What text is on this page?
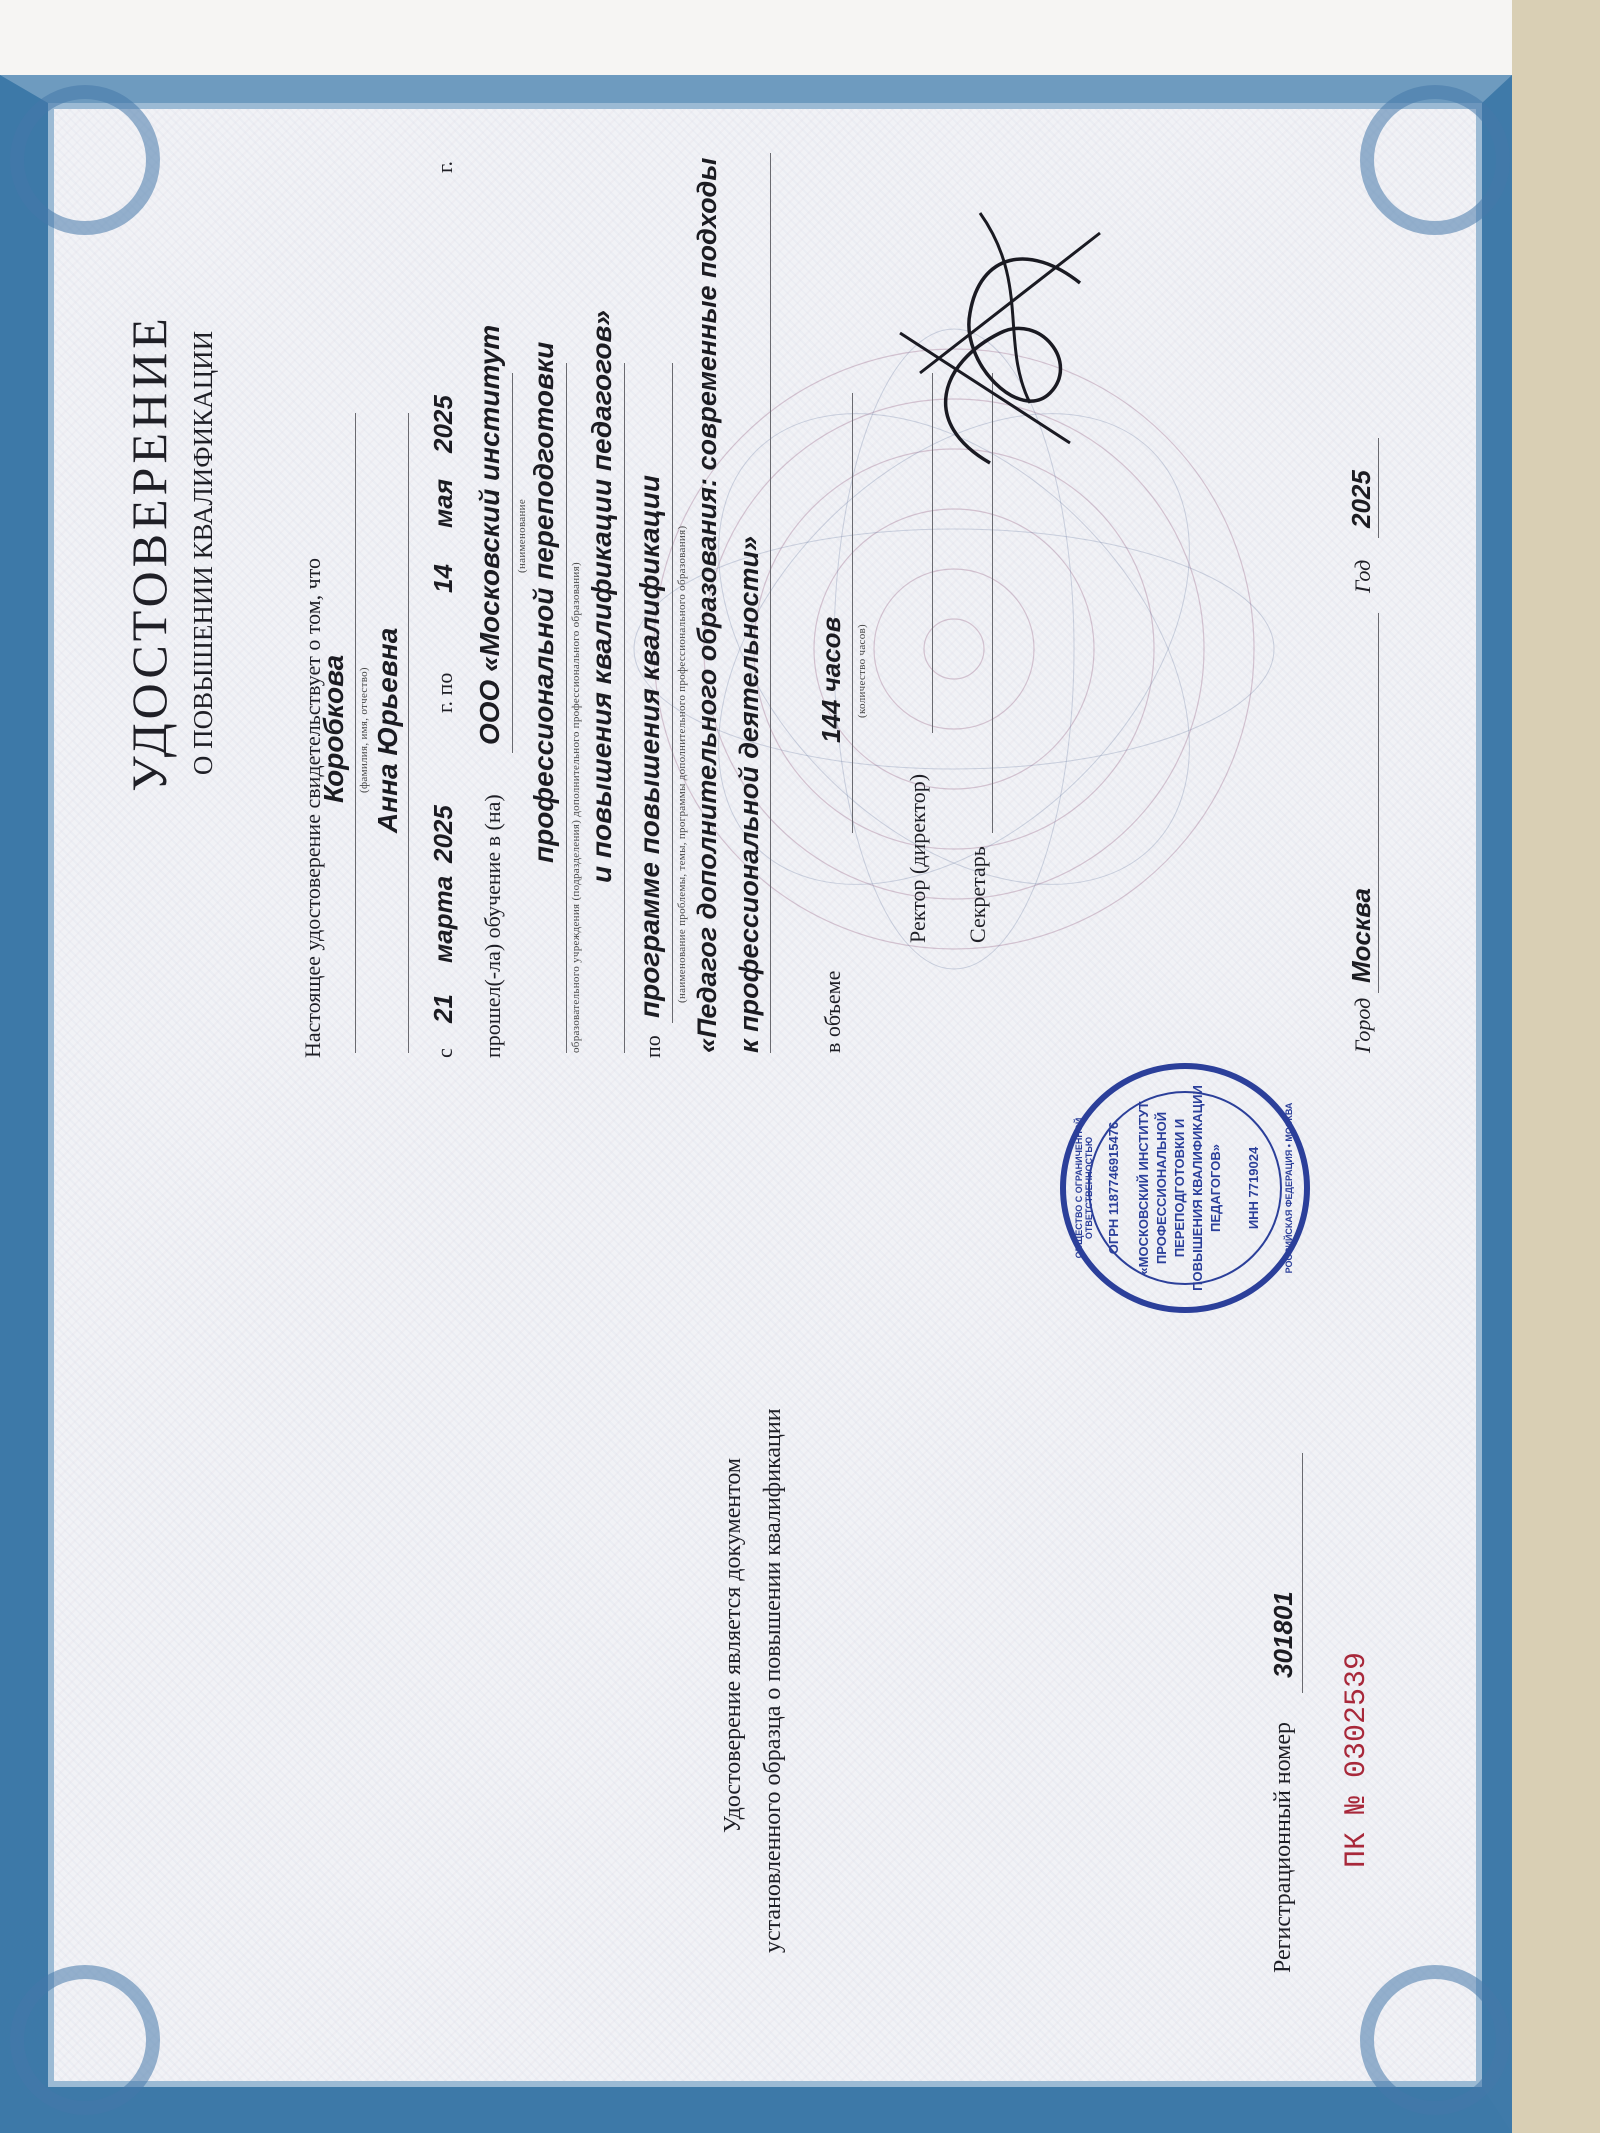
УДОСТОВЕРЕНИЕ О ПОВЫШЕНИИ КВАЛИФИКАЦИИ
Настоящее удостоверение свидетельствует о том, что
Коробкова (фамилия, имя, отчество) Анна Юрьевна
с
21
марта
2025
г. по
14
мая
2025
г.
прошел(-ла) обучение в (на)
ООО «Московский институт (наименование профессиональной переподготовки образовательного учреждения (подразделения) дополнительного профессионального образования) и повышения квалификации педагогов»
по
программе повышения квалификации (наименование проблемы, темы, программы дополнительного профессионального образования) «Педагог дополнительного образования: современные подходы к профессиональной деятельности»	в объеме
144 часов (количество часов)
Ректор (директор) Секретарь
ОБЩЕСТВО С ОГРАНИЧЕННОЙ ОТВЕТСТВЕННОСТЬЮ ОГРН 1187746915476 «МОСКОВСКИЙ ИНСТИТУТ ПРОФЕССИОНАЛЬНОЙ ПЕРЕПОДГОТОВКИ И ПОВЫШЕНИЯ КВАЛИФИКАЦИИ ПЕДАГОГОВ» ИНН 7719024	РОССИЙСКАЯ ФЕДЕРАЦИЯ • МОСКВА
Город
Москва
Год
2025
Удостоверение является документом установленного образца о повышении квалификации	Регистрационный номер
301801
ПК № 0302539
